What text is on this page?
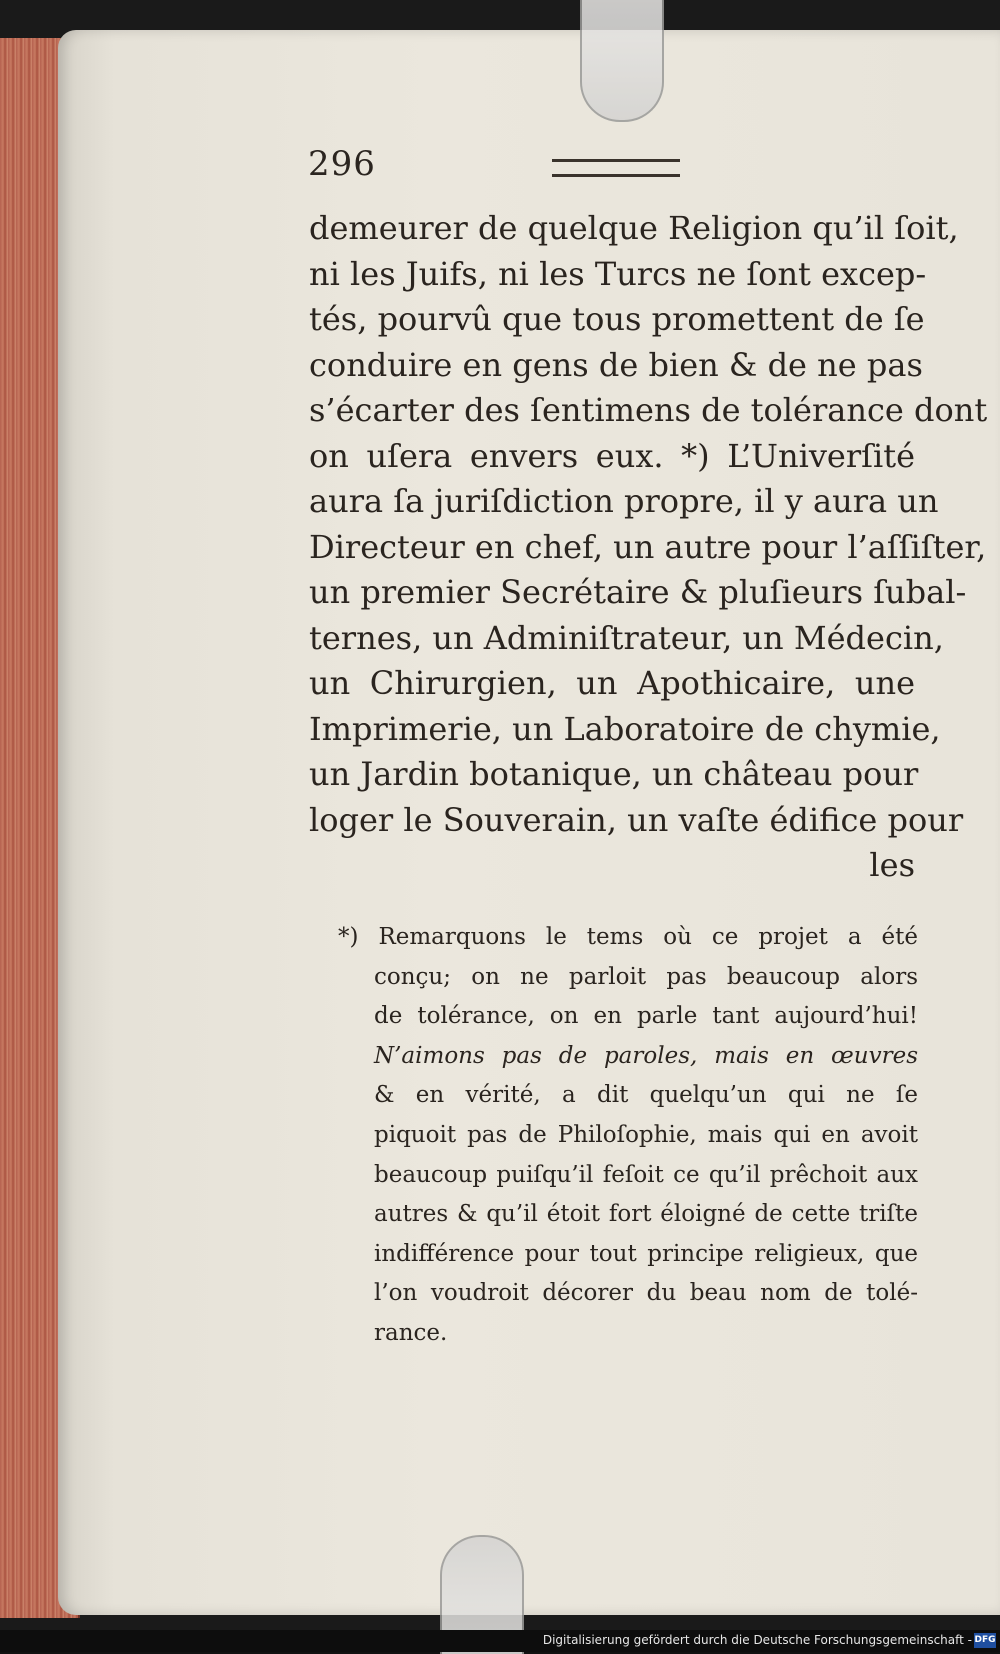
296
demeurer de quelque Religion qu’il ſoit,
ni les Juifs, ni les Turcs ne ſont excep-
tés, pourvû que tous promettent de ſe
conduire en gens de bien & de ne pas
s’écarter des ſentimens de tolérance dont
on uſera envers eux. *) L’Univerſité
aura ſa juriſdiction propre, il y aura un
Directeur en chef, un autre pour l’aſſiſter,
un premier Secrétaire & pluſieurs ſubal-
ternes, un Adminiſtrateur, un Médecin,
un Chirurgien, un Apothicaire, une
Imprimerie, un Laboratoire de chymie,
un Jardin botanique, un château pour
loger le Souverain, un vaſte édifice pour
les
*) Remarquons le tems où ce projet a été
conçu; on ne parloit pas beaucoup alors
de tolérance, on en parle tant aujourd’hui!
N’aimons pas de paroles, mais en œuvres
& en vérité, a dit quelqu’un qui ne ſe
piquoit pas de Philoſophie, mais qui en avoit
beaucoup puiſqu’il feſoit ce qu’il prêchoit aux
autres & qu’il étoit fort éloigné de cette triſte
indifférence pour tout principe religieux, que
l’on voudroit décorer du beau nom de tolé-
rance.
Digitalisierung gefördert durch die Deutsche Forschungsgemeinschaft - DFG
